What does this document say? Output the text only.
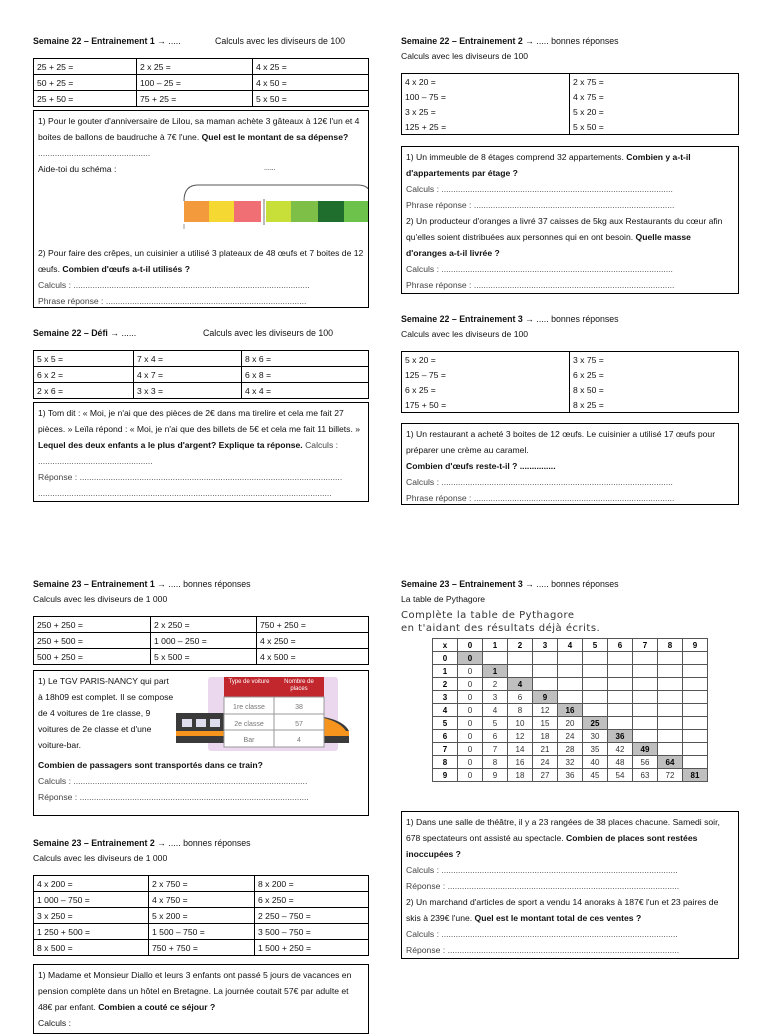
Semaine 22 – Entrainement 1 → .....	Calculs avec les diviseurs de 100
25 + 25 =	2 x 25 =	4 x 25 =
50 + 25 =	100 – 25 =	4 x 50 =
25 + 50 =	75 + 25 =	5 x 50 =

1) Pour le gouter d'anniversaire de Lilou, sa maman achète 3 gâteaux à 12€ l'un et 4 boites de ballons de baudruche à 7€ l'une. Quel est le montant de sa dépense? ...............................................

Aide-toi du schéma :	......

2) Pour faire des crêpes, un cuisinier a utilisé 3 plateaux de 48 œufs et 7 boites de 12 œufs. Combien d'œufs a-t-il utilisés ?

Calculs : ...................................................................................................

Phrase réponse : ....................................................................................

Semaine 22 – Entrainement 2 → ..... bonnes réponses
Calculs avec les diviseurs de 100
4 x 20 =	2 x 75 =
100 – 75 =	4 x 75 =
3 x 25 =	5 x 20 =
125 + 25 =	5 x 50 =

1) Un immeuble de 8 étages comprend 32 appartements. Combien y a-t-il d'appartements par étage ?

Calculs : .................................................................................................

Phrase réponse : ....................................................................................

2) Un producteur d'oranges a livré 37 caisses de 5kg aux Restaurants du cœur afin qu'elles soient distribuées aux personnes qui en ont besoin. Quelle masse d'oranges a-t-il livrée ?

Calculs : .................................................................................................

Phrase réponse : ....................................................................................

Semaine 22 – Défi → ......	Calculs avec les diviseurs de 100
5 x 5 =	7 x 4 =	8 x 6 =
6 x 2 =	4 x 7 =	6 x 8 =
2 x 6 =	3 x 3 =	4 x 4 =

1) Tom dit : « Moi, je n'ai que des pièces de 2€ dans ma tirelire et cela me fait 27 pièces. » Leïla répond : « Moi, je n'ai que des billets de 5€ et cela me fait 11 billets. » Lequel des deux enfants a le plus d'argent? Explique ta réponse. Calculs : ................................................

Réponse : ..............................................................................................................

...........................................................................................................................

Semaine 22 – Entrainement 3 → ..... bonnes réponses
Calculs avec les diviseurs de 100
5 x 20 =	3 x 75 =
125 – 75 =	6 x 25 =
6 x 25 =	8 x 50 =
175 + 50 =	8 x 25 =

1) Un restaurant a acheté 3 boites de 12 œufs. Le cuisinier a utilisé 17 œufs pour préparer une crème au caramel.

Combien d'œufs reste-t-il ? ...............

Calculs : .................................................................................................

Phrase réponse : ....................................................................................

Semaine 23 – Entrainement 1 → ..... bonnes réponses
Calculs avec les diviseurs de 1 000
250 + 250 =	2 x 250 =	750 + 250 =
250 + 500 =	1 000 – 250 =	4 x 250 =
500 + 250 =	5 x 500 =	4 x 500 =

1) Le TGV PARIS-NANCY qui part à 18h09 est complet. Il se compose de 4 voitures de 1re classe, 9 voitures de 2e classe et d'une voiture-bar.

Type de voiture	Nombre de places
1re classe	38
2e classe	57
Bar	4

Combien de passagers sont transportés dans ce train?

Calculs : ..................................................................................................

Réponse : ................................................................................................

..........................................................................................................................

Semaine 23 – Entrainement 2 → ..... bonnes réponses
Calculs avec les diviseurs de 1 000
4 x 200 =	2 x 750 =	8 x 200 =
1 000 – 750 =	4 x 750 =	6 x 250 =
3 x 250 =	5 x 200 =	2 250 – 750 =
1 250 + 500 =	1 500 – 750 =	3 500 – 750 =
8 x 500 =	750 + 750 =	1 500 + 250 =

1) Madame et Monsieur Diallo et leurs 3 enfants ont passé 5 jours de vacances en pension complète dans un hôtel en Bretagne. La journée coutait 57€ par adulte et 48€ par enfant. Combien a couté ce séjour ?

Calculs :

Semaine 23 – Entrainement 3 → ..... bonnes réponses
La table de Pythagore
Complète la table de Pythagore
en t'aidant des résultats déjà écrits.
x	0	1	2	3	4	5	6	7	8	9
0	0									
1	0	1								
2	0	2	4							
3	0	3	6	9						
4	0	4	8	12	16					
5	0	5	10	15	20	25				
6	0	6	12	18	24	30	36			
7	0	7	14	21	28	35	42	49		
8	0	8	16	24	32	40	48	56	64	
9	0	9	18	27	36	45	54	63	72	81

1) Dans une salle de théâtre, il y a 23 rangées de 38 places chacune. Samedi soir, 678 spectateurs ont assisté au spectacle. Combien de places sont restées inoccupées ?

Calculs : ...................................................................................................

Réponse : .................................................................................................

2) Un marchand d'articles de sport a vendu 14 anoraks à 187€ l'un et 23 paires de skis à 239€ l'une. Quel est le montant total de ces ventes ?

Calculs : ...................................................................................................

Réponse : .................................................................................................
